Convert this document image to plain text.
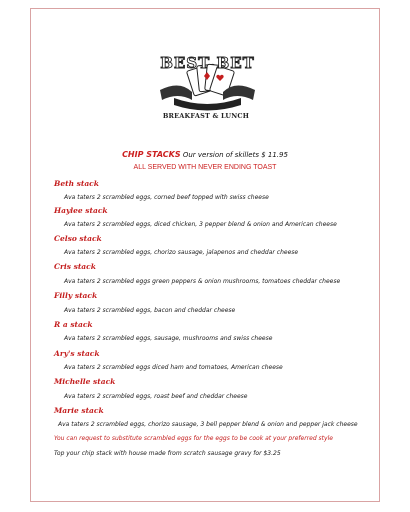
BEST BET
BREAKFAST & LUNCH
CHIP STACKS Our version of skillets $ 11.95
ALL SERVED WITH NEVER ENDING TOAST
Beth stack
Ava taters 2 scrambled eggs, corned beef topped with swiss cheese
Haylee stack
Ava taters 2 scrambled eggs, diced chicken, 3 pepper blend & onion and American cheese
Celso stack
Ava taters 2 scrambled eggs, chorizo sausage, jalapenos and cheddar cheese
Cris stack
Ava taters 2 scrambled eggs green peppers & onion mushrooms, tomatoes cheddar cheese
Filly stack
Ava taters 2 scrambled eggs, bacon and cheddar cheese
R a stack
Ava taters 2 scrambled eggs, sausage, mushrooms and swiss cheese
Ary's stack
Ava taters 2 scrambled eggs diced ham and tomatoes, American cheese
Michelle stack
Ava taters 2 scrambled eggs, roast beef and cheddar cheese
Marie stack
Ava taters 2 scrambled eggs, chorizo sausage, 3 bell pepper blend & onion and pepper jack cheese
You can request to substitute scrambled eggs for the eggs to be cook at your preferred style
Top your chip stack with house made from scratch sausage gravy for $3.25
